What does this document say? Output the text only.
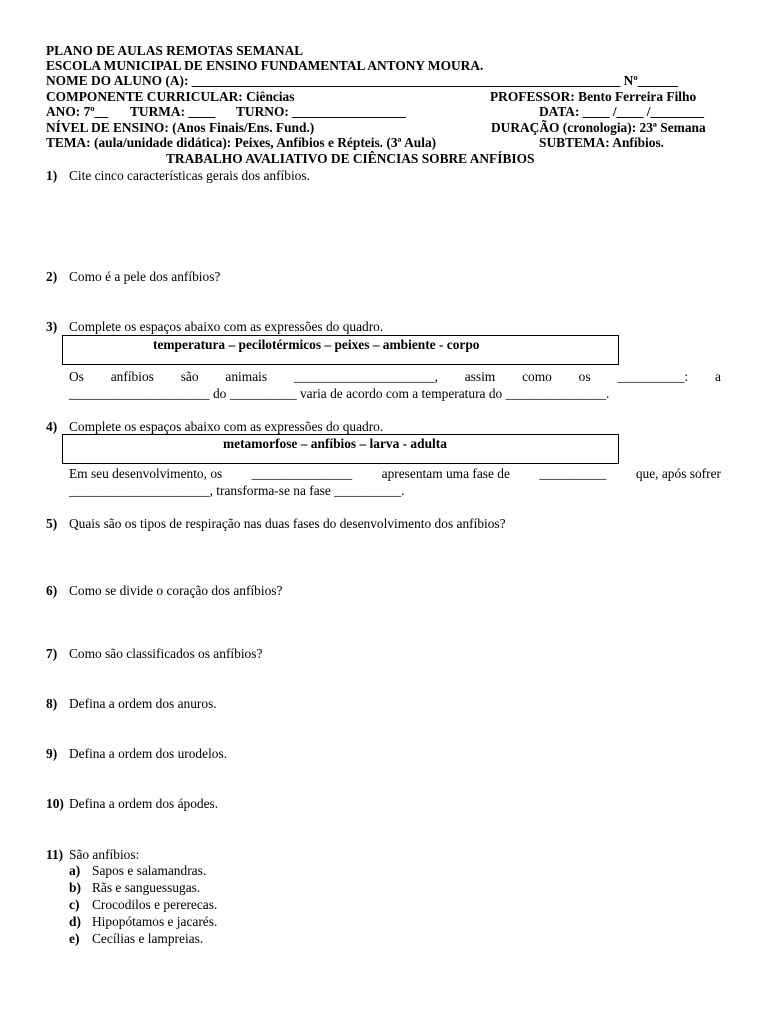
PLANO DE AULAS REMOTAS SEMANAL
ESCOLA MUNICIPAL DE ENSINO FUNDAMENTAL ANTONY MOURA.
NOME DO ALUNO (A): ________________________________________________________________ Nº______
COMPONENTE CURRICULAR: Ciências	PROFESSOR: Bento Ferreira Filho
ANO: 7º__ TURMA: ____ TURNO: _________________	DATA: ____ /____ /________
NÍVEL DE ENSINO: (Anos Finais/Ens. Fund.)	DURAÇÃO (cronologia): 23ª Semana
TEMA: (aula/unidade didática): Peixes, Anfíbios e Répteis. (3ª Aula)	SUBTEMA: Anfíbios.
TRABALHO AVALIATIVO DE CIÊNCIAS SOBRE ANFÍBIOS
1) Cite cinco características gerais dos anfíbios.
2) Como é a pele dos anfíbios?
3) Complete os espaços abaixo com as expressões do quadro.
temperatura – pecilotérmicos – peixes – ambiente - corpo
Os anfíbios são animais _____________________, assim como os __________: a
_____________________ do __________ varia de acordo com a temperatura do _______________.
4) Complete os espaços abaixo com as expressões do quadro.
metamorfose – anfíbios – larva - adulta
Em seu desenvolvimento, os _______________ apresentam uma fase de __________ que, após sofrer
_____________________, transforma-se na fase __________.
5) Quais são os tipos de respiração nas duas fases do desenvolvimento dos anfíbios?
6) Como se divide o coração dos anfíbios?
7) Como são classificados os anfíbios?
8) Defina a ordem dos anuros.
9) Defina a ordem dos urodelos.
10) Defina a ordem dos ápodes.
11) São anfíbios:
a) Sapos e salamandras.
b) Rãs e sanguessugas.
c) Crocodilos e pererecas.
d) Hipopótamos e jacarés.
e) Cecílias e lampreias.
